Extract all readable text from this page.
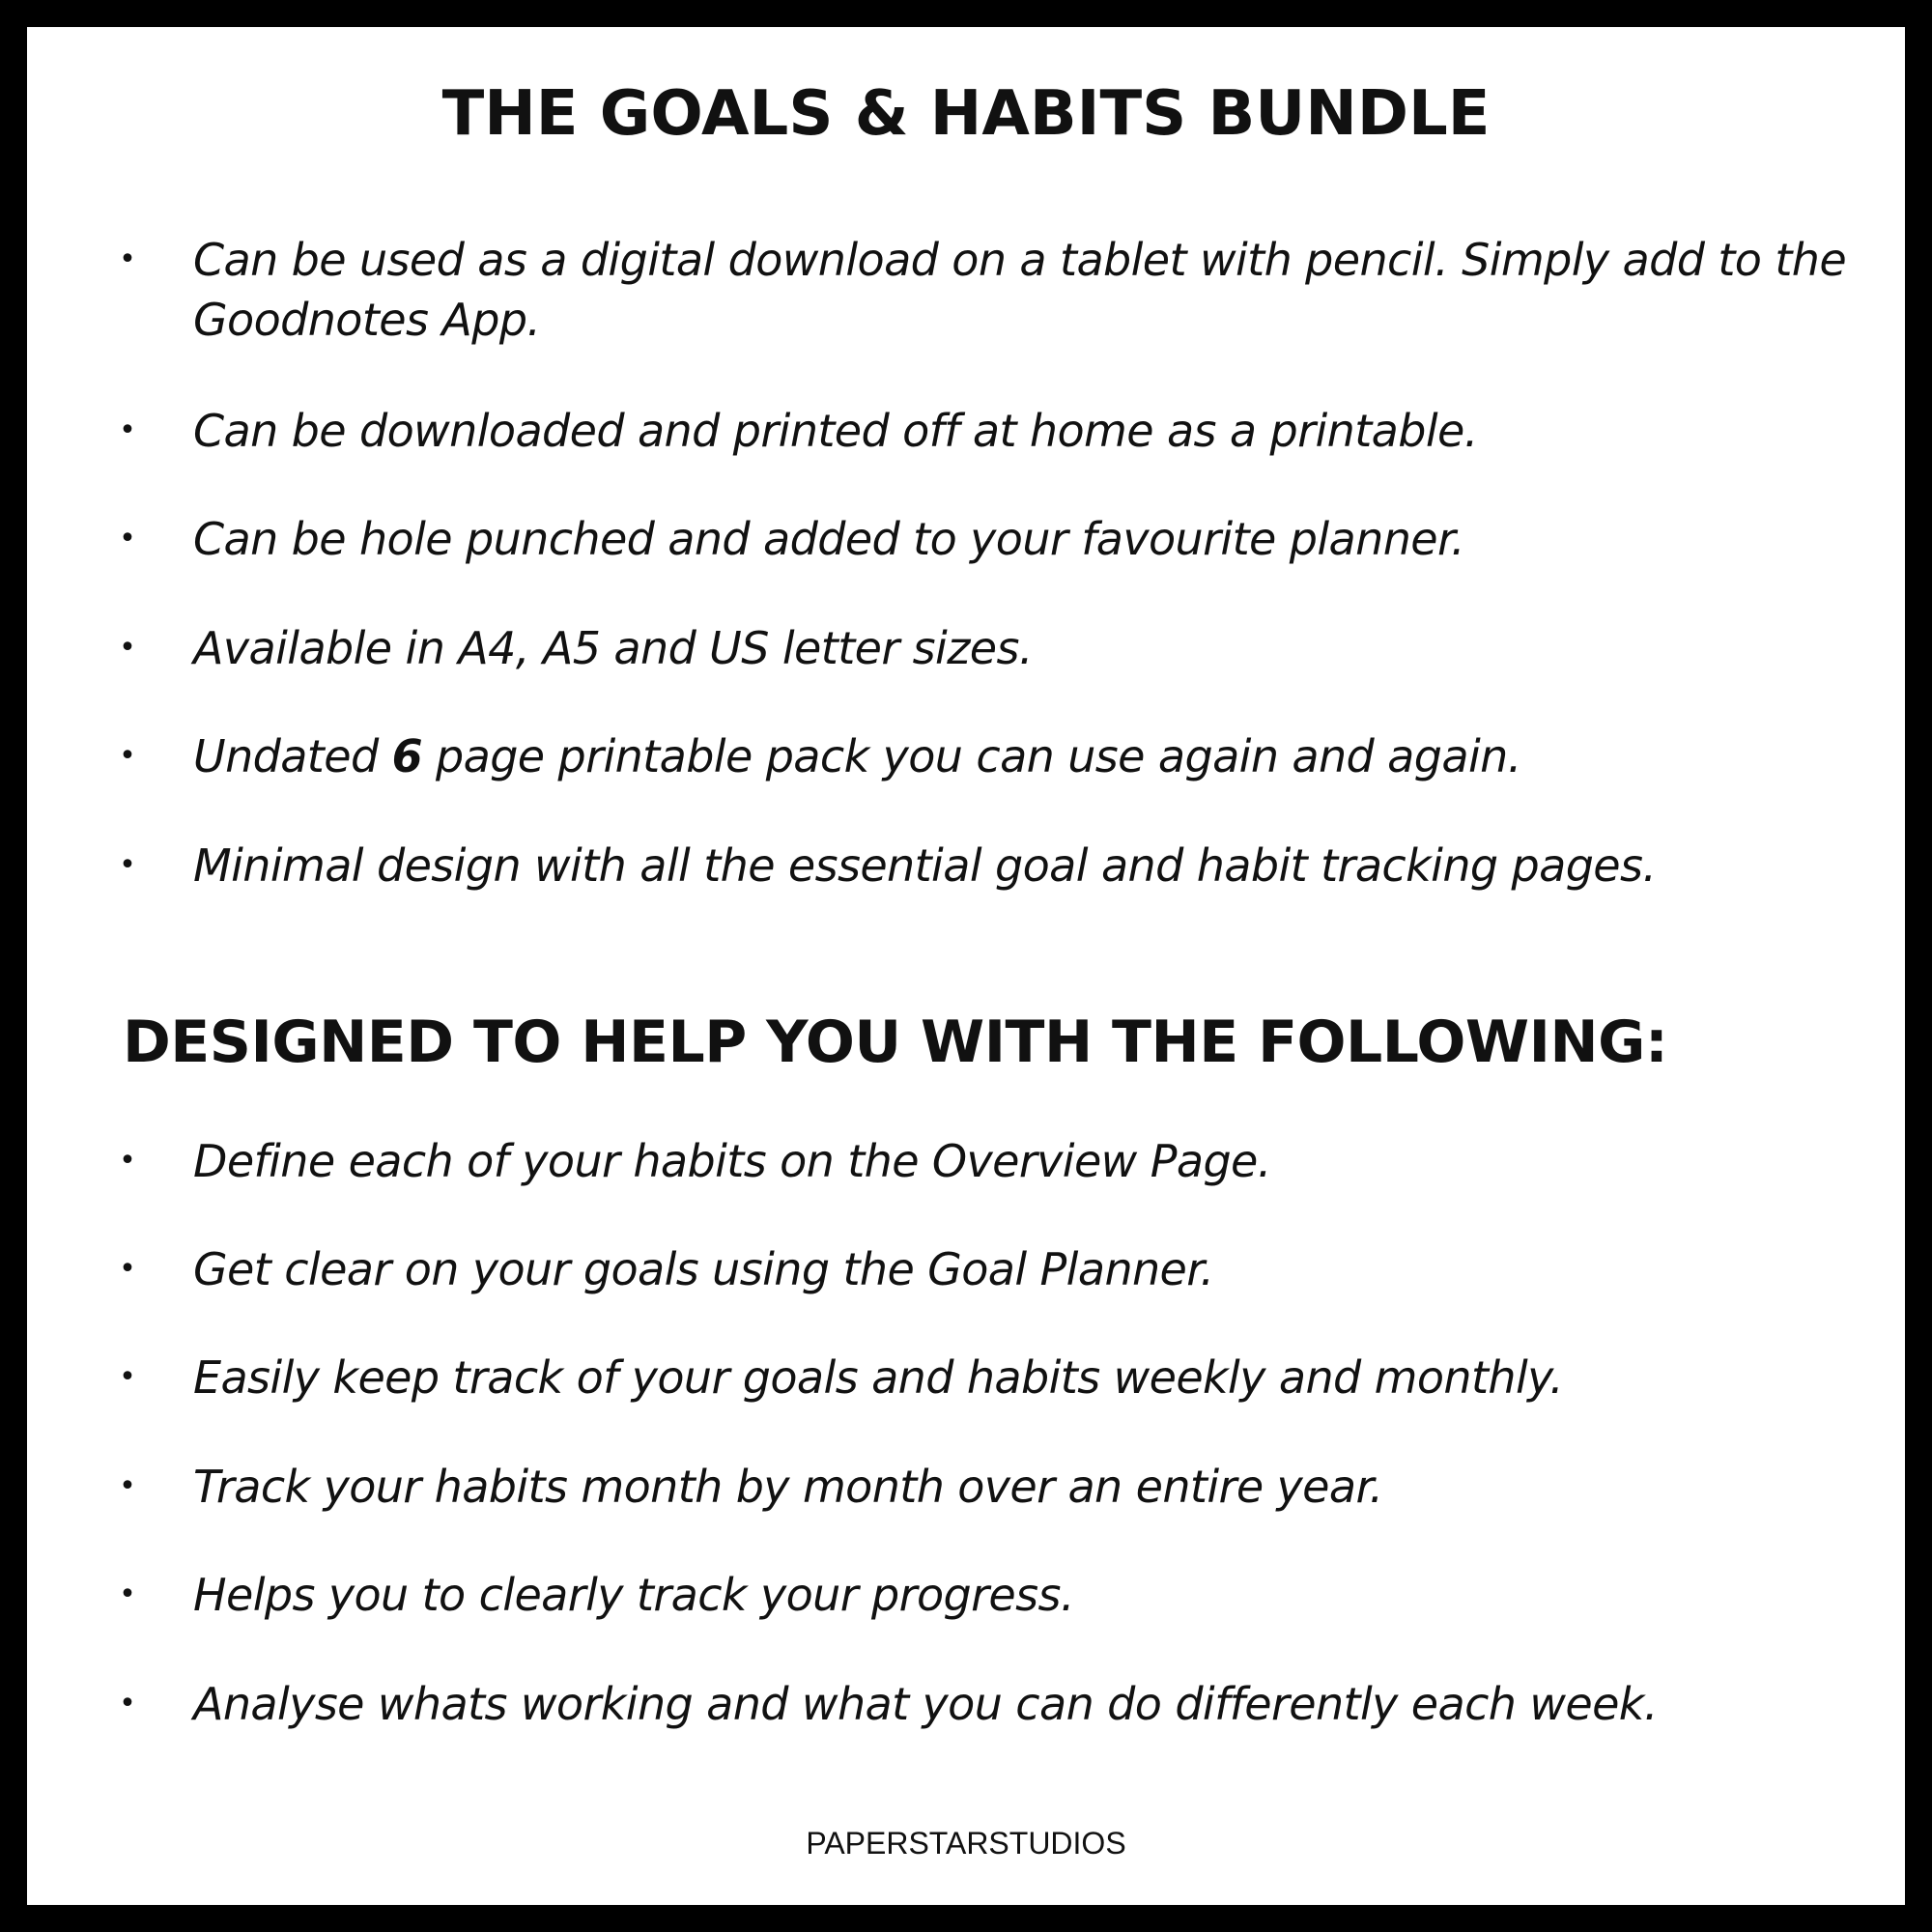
THE GOALS & HABITS BUNDLE
• Can be used as a digital download on a tablet with pencil. Simply add to the Goodnotes App.
• Can be downloaded and printed off at home as a printable.
• Can be hole punched and added to your favourite planner.
• Available in A4, A5 and US letter sizes.
• Undated 6 page printable pack you can use again and again.
• Minimal design with all the essential goal and habit tracking pages.
DESIGNED TO HELP YOU WITH THE FOLLOWING:
• Define each of your habits on the Overview Page.
• Get clear on your goals using the Goal Planner.
• Easily keep track of your goals and habits weekly and monthly.
• Track your habits month by month over an entire year.
• Helps you to clearly track your progress.
• Analyse whats working and what you can do differently each week.
PAPERSTARSTUDIOS
